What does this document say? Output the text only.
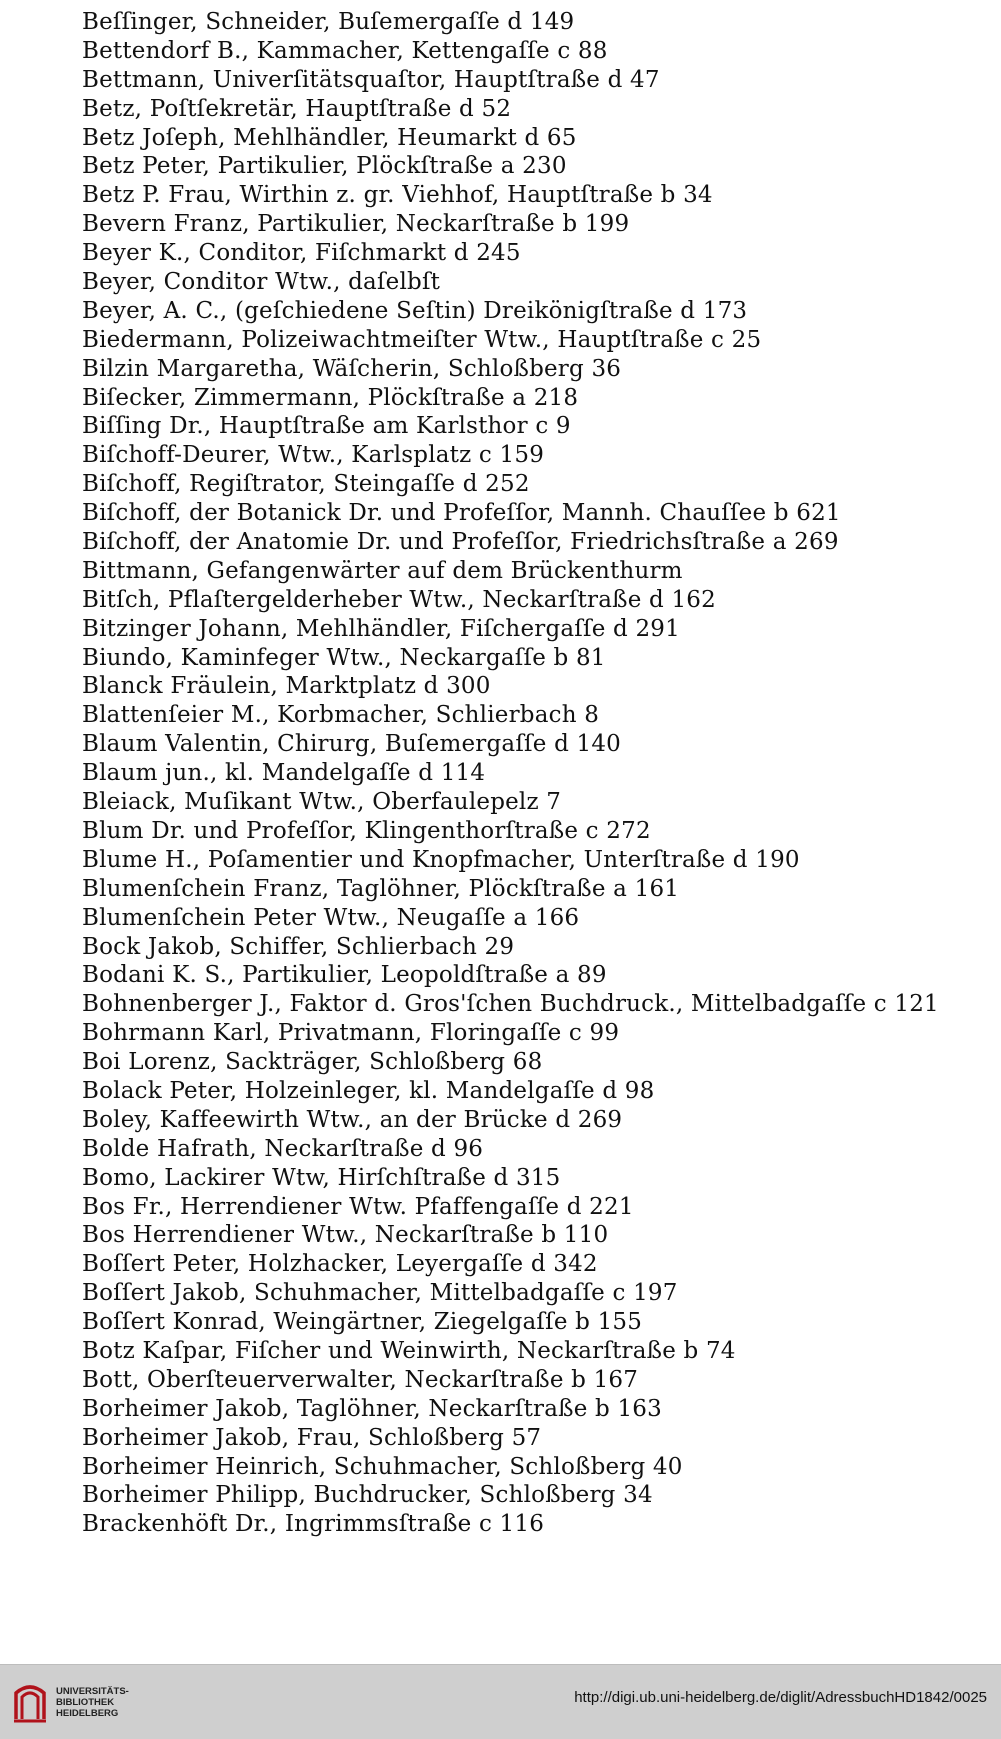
Beſſinger, Schneider, Buſemergaſſe d 149
Bettendorf B., Kammacher, Kettengaſſe c 88
Bettmann, Univerſitätsquaſtor, Hauptſtraße d 47
Betz, Poſtſekretär, Hauptſtraße d 52
Betz Joſeph, Mehlhändler, Heumarkt d 65
Betz Peter, Partikulier, Plöckſtraße a 230
Betz P. Frau, Wirthin z. gr. Viehhof, Hauptſtraße b 34
Bevern Franz, Partikulier, Neckarſtraße b 199
Beyer K., Conditor, Fiſchmarkt d 245
Beyer, Conditor Wtw., daſelbſt
Beyer, A. C., (geſchiedene Seſtin) Dreikönigſtraße d 173
Biedermann, Polizeiwachtmeiſter Wtw., Hauptſtraße c 25
Bilzin Margaretha, Wäſcherin, Schloßberg 36
Biſecker, Zimmermann, Plöckſtraße a 218
Biſſing Dr., Hauptſtraße am Karlsthor c 9
Biſchoff-Deurer, Wtw., Karlsplatz c 159
Biſchoff, Regiſtrator, Steingaſſe d 252
Biſchoff, der Botanick Dr. und Profeſſor, Mannh. Chauſſee b 621
Biſchoff, der Anatomie Dr. und Profeſſor, Friedrichsſtraße a 269
Bittmann, Gefangenwärter auf dem Brückenthurm
Bitſch, Pflaſtergelderheber Wtw., Neckarſtraße d 162
Bitzinger Johann, Mehlhändler, Fiſchergaſſe d 291
Biundo, Kaminfeger Wtw., Neckargaſſe b 81
Blanck Fräulein, Marktplatz d 300
Blattenſeier M., Korbmacher, Schlierbach 8
Blaum Valentin, Chirurg, Buſemergaſſe d 140
Blaum jun., kl. Mandelgaſſe d 114
Bleiack, Muſikant Wtw., Oberfaulepelz 7
Blum Dr. und Profeſſor, Klingenthorſtraße c 272
Blume H., Poſamentier und Knopfmacher, Unterſtraße d 190
Blumenſchein Franz, Taglöhner, Plöckſtraße a 161
Blumenſchein Peter Wtw., Neugaſſe a 166
Bock Jakob, Schiffer, Schlierbach 29
Bodani K. S., Partikulier, Leopoldſtraße a 89
Bohnenberger J., Faktor d. Gros'ſchen Buchdruck., Mittelbadgaſſe c 121
Bohrmann Karl, Privatmann, Floringaſſe c 99
Boi Lorenz, Sackträger, Schloßberg 68
Bolack Peter, Holzeinleger, kl. Mandelgaſſe d 98
Boley, Kaffeewirth Wtw., an der Brücke d 269
Bolde Hafrath, Neckarſtraße d 96
Bomo, Lackirer Wtw, Hirſchſtraße d 315
Bos Fr., Herrendiener Wtw. Pfaffengaſſe d 221
Bos Herrendiener Wtw., Neckarſtraße b 110
Boſſert Peter, Holzhacker, Leyergaſſe d 342
Boſſert Jakob, Schuhmacher, Mittelbadgaſſe c 197
Boſſert Konrad, Weingärtner, Ziegelgaſſe b 155
Botz Kaſpar, Fiſcher und Weinwirth, Neckarſtraße b 74
Bott, Oberſteuerverwalter, Neckarſtraße b 167
Borheimer Jakob, Taglöhner, Neckarſtraße b 163
Borheimer Jakob, Frau, Schloßberg 57
Borheimer Heinrich, Schuhmacher, Schloßberg 40
Borheimer Philipp, Buchdrucker, Schloßberg 34
Brackenhöft Dr., Ingrimmsſtraße c 116
UNIVERSITÄTS-
BIBLIOTHEK
HEIDELBERG
http://digi.ub.uni-heidelberg.de/diglit/AdressbuchHD1842/0025
